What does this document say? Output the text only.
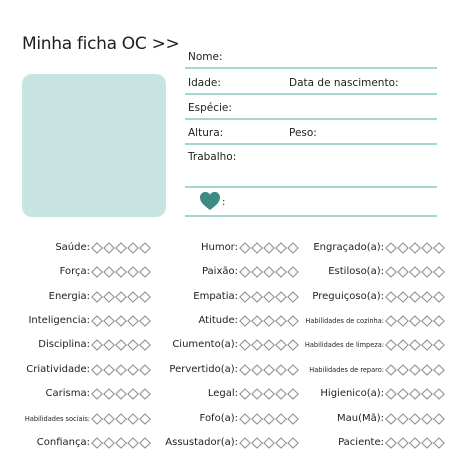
Minha ficha OC >>
Nome:
Idade:	Data de nascimento:
Espécie:
Altura:	Peso:
Trabalho:
:
Saúde:
Força:
Energia:
Inteligencia:
Disciplina:
Criatividade:
Carisma:
Habilidades sociais:
Confiança:
Humor:
Paixão:
Empatia:
Atitude:
Ciumento(a):
Pervertido(a):
Legal:
Fofo(a):
Assustador(a):
Engraçado(a):
Estiloso(a):
Preguiçoso(a):
Habilidades de cozinha:
Habilidades de limpeza:
Habilidades de reparo:
Higienico(a):
Mau(Mã):
Paciente:
